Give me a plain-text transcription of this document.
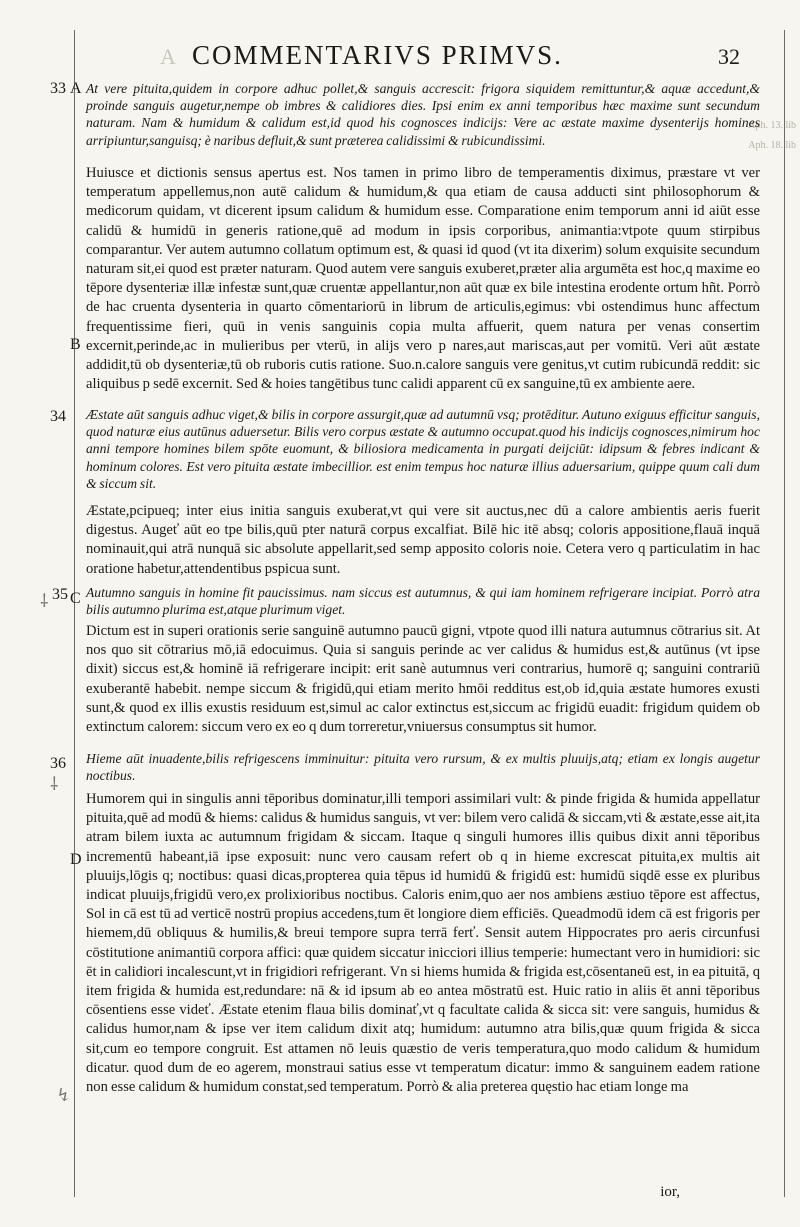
A COMMENTARIVS PRIMVS.	32
Aph. 13. lib
Aph. 18. lib
33 A
34
B
⸸ 35 C
36
⸸
D
↯

At vere pituita,quidem in corpore adhuc pollet,& sanguis accrescit: frigora siquidem remittuntur,& aquæ accedunt,& proinde sanguis augetur,nempe ob imbres & calidiores dies. Ipsi enim ex anni temporibus hæc maxime sunt secundum naturam. Nam & humidum & calidum est,id quod his cognosces indicijs: Vere ac æstate maxime dysenterijs homines arripiuntur,sanguisq; è naribus defluit,& sunt præterea calidissimi & rubicundissimi.

Huiusce et dictionis sensus apertus est. Nos tamen in primo libro de temperamentis diximus, præstare vt ver temperatum appellemus,non autē calidum & humidum,& qua etiam de causa adducti sint philosophorum & medicorum quidam, vt dicerent ipsum calidum & humidum esse. Comparatione enim temporum anni id aiūt esse calidū & humidū in generis ratione,quē ad modum in ipsis corporibus, animantia:vtpote quum stirpibus comparantur. Ver autem autumno collatum optimum est, & quasi id quod (vt ita dixerim) solum exquisite secundum naturam sit,ei quod est præter naturam. Quod autem vere sanguis exuberet,præter alia argumēta est hoc,q maxime eo tēpore dysenteriæ illæ infestæ sunt,quæ cruentæ appellantur,non aūt quæ ex bile intestina erodente ortum hñt. Porrò de hac cruenta dysenteria in quarto cōmentariorū in librum de articulis,egimus: vbi ostendimus hunc affectum frequentissime fieri, quū in venis sanguinis copia multa affuerit, quem natura per venas consertim excernit,perinde,ac in mulieribus per vterū, in alijs vero p nares,aut mariscas,aut per vomitū. Veri aūt æstate addidit,tū ob dysenteriæ,tū ob ruboris cutis ratione. Suo.n.calore sanguis vere genitus,vt cutim rubicundā reddit: sic aliquibus p sedē excernit. Sed & hoies tangētibus tunc calidi apparent cū ex sanguine,tū ex ambiente aere.

Æstate aūt sanguis adhuc viget,& bilis in corpore assurgit,quæ ad autumnū vsq; protēditur. Autuno exiguus efficitur sanguis, quod naturæ eius autūnus aduersetur. Bilis vero corpus æstate & autumno occupat.quod his indicijs cognosces,nimirum hoc anni tempore homines bilem spōte euomunt, & biliosiora medicamenta in purgati deijciūt: idipsum & febres indicant & hominum colores. Est vero pituita æstate imbecillior. est enim tempus hoc naturæ illius aduersarium, quippe quum cali dum & siccum sit.

Æstate,pcipueq; inter eius initia sanguis exuberat,vt qui vere sit auctus,nec dū a calore ambientis aeris fuerit digestus. Augeť aūt eo tpe bilis,quū pter naturā corpus excalfiat. Bilē hic itē absq; coloris appositione,flauā inquā nominauit,qui atrā nunquā sic absolute appellarit,sed semp apposito coloris noie. Cetera vero q particulatim in hac oratione habetur,attendentibus pspicua sunt.

Autumno sanguis in homine fit paucissimus. nam siccus est autumnus, & qui iam hominem refrigerare incipiat. Porrò atra bilis autumno plurima est,atque plurimum viget.

Dictum est in superi orationis serie sanguinē autumno paucū gigni, vtpote quod illi natura autumnus cōtrarius sit. At nos quo sit cōtrarius mō,iā edocuimus. Quia si sanguis perinde ac ver calidus & humidus est,& autūnus (vt ipse dixit) siccus est,& hominē iā refrigerare incipit: erit sanè autumnus veri contrarius, humorē q; sanguini contrariū exuberantē habebit. nempe siccum & frigidū,qui etiam merito hmōi redditus est,ob id,quia æstate humores exusti sunt,& quod ex illis exustis residuum est,simul ac calor extinctus est,siccum ac frigidū euadit: frigidum quidem ob extinctum calorem: siccum vero ex eo q dum torreretur,vniuersus consumptus sit humor.

Hieme aūt inuadente,bilis refrigescens imminuitur: pituita vero rursum, & ex multis pluuijs,atq; etiam ex longis augetur noctibus.

Humorem qui in singulis anni tēporibus dominatur,illi tempori assimilari vult: & pinde frigida & humida appellatur pituita,quē ad modū & hiems: calidus & humidus sanguis, vt ver: bilem vero calidā & siccam,vti & æstate,esse ait,ita atram bilem iuxta ac autumnum frigidam & siccam. Itaque q singuli humores illis quibus dixit anni tēporibus incrementū habeant,iā ipse exposuit: nunc vero causam refert ob q in hieme excrescat pituita,ex multis ait pluuijs,lōgis q; noctibus: quasi dicas,propterea quia tēpus id humidū & frigidū est: humidū siqdē esse ex pluribus indicat pluuijs,frigidū vero,ex prolixioribus noctibus. Caloris enim,quo aer nos ambiens æstiuo tēpore est affectus, Sol in cā est tū ad verticē nostrū propius accedens,tum ēt longiore diem efficiēs. Queadmodū idem cā est frigoris per hiemem,dū obliquus & humilis,& breui tempore supra terrā ferť. Sensit autem Hippocrates pro aeris circunfusi cōstitutione animantiū corpora affici: quæ quidem siccatur inicciori illius temperie: humectant vero in humidiori: sic ēt in calidiori incalescunt,vt in frigidiori refrigerant. Vn si hiems humida & frigida est,cōsentaneū est, in ea pituitā, q item frigida & humida est,redundare: nā & id ipsum ab eo antea mōstratū est. Huic ratio in aliis ēt anni tēporibus cōsentiens esse videť. Æstate etenim flaua bilis dominať,vt q facultate calida & sicca sit: vere sanguis, humidus & calidus humor,nam & ipse ver item calidum dixit atq; humidum: autumno atra bilis,quæ quum frigida & sicca sit,cum eo tempore congruit. Est attamen nō leuis quæstio de veris temperatura,quo modo calidum & humidum dicatur. quod dum de eo agerem, monstraui satius esse vt temperatum dicatur: immo & sanguinem eadem ratione non esse calidum & humidum constat,sed temperatum. Porrò & alia preterea quęstio hac etiam longe ma

ior,
